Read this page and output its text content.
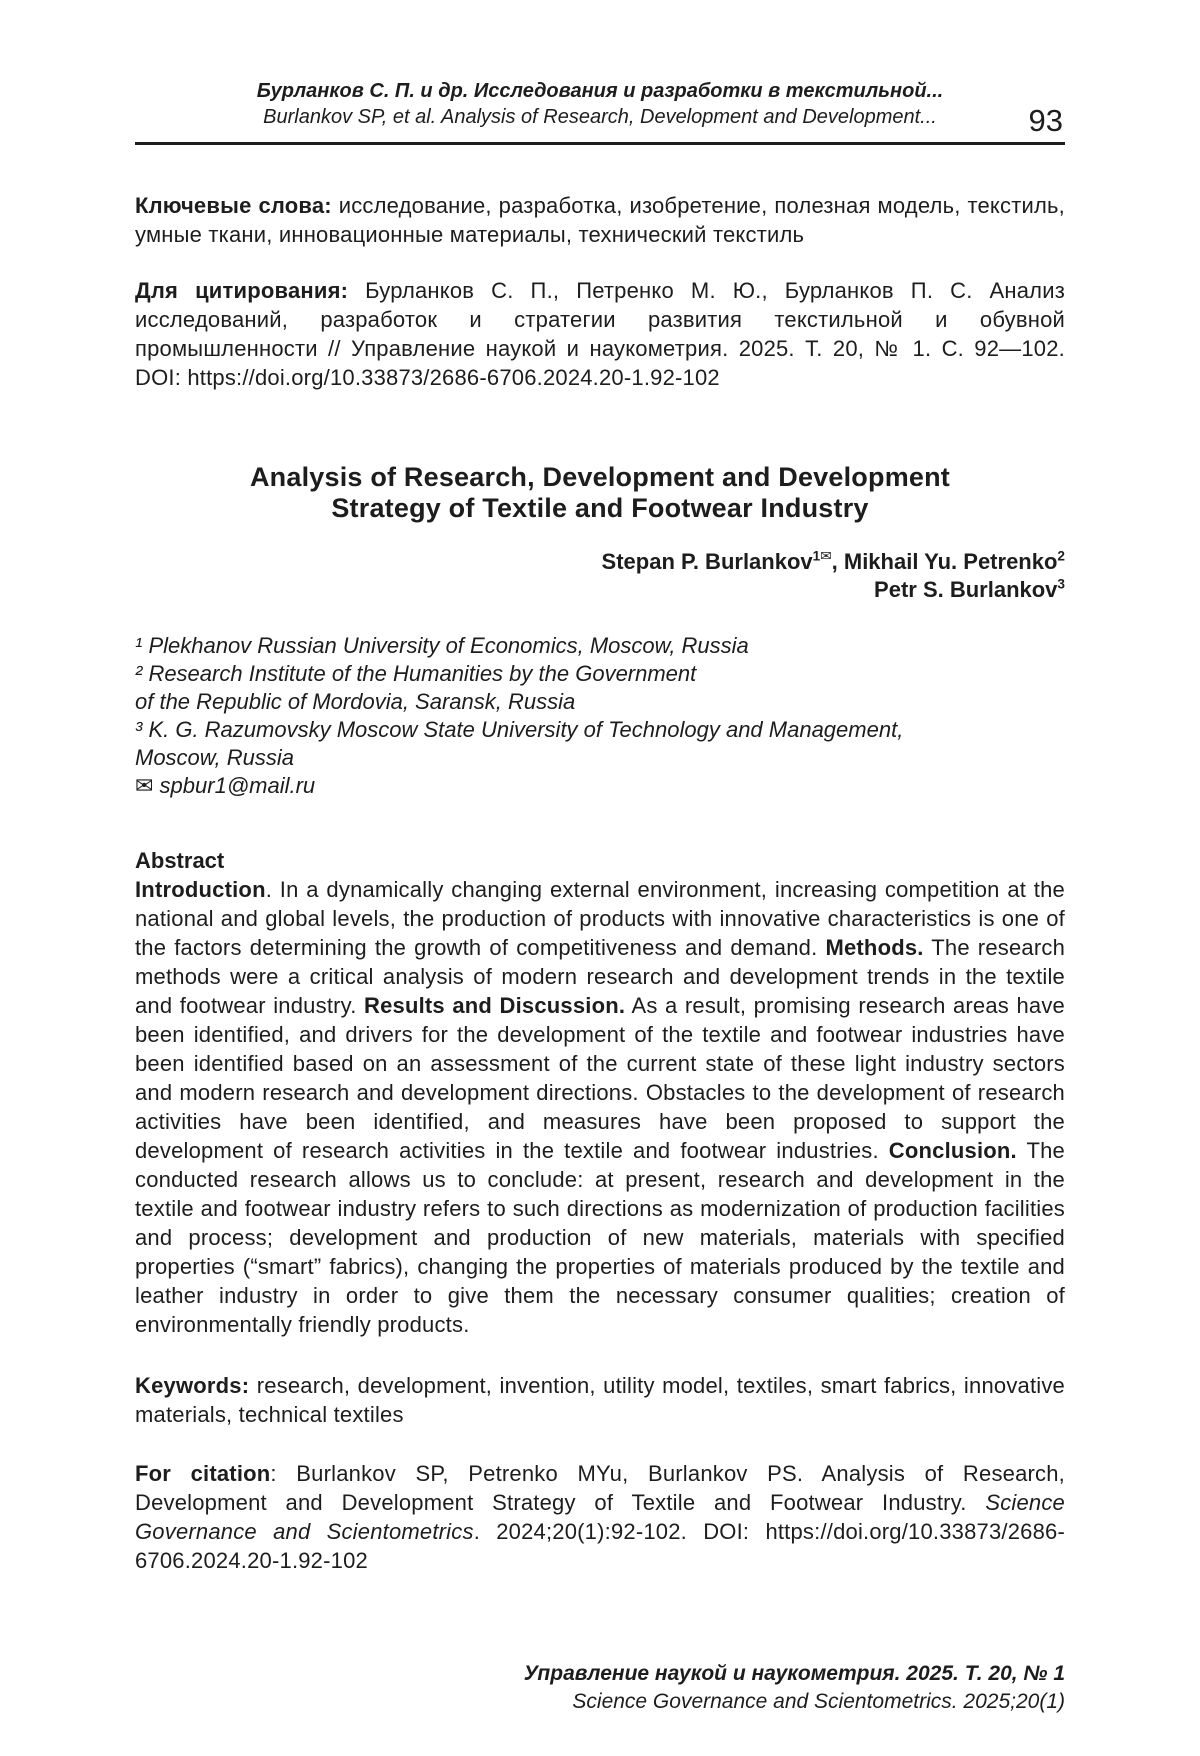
Бурланков С. П. и др. Исследования и разработки в текстильной...
Burlankov SP, et al. Analysis of Research, Development and Development...	93

Ключевые слова: исследование, разработка, изобретение, полезная модель, текстиль, умные ткани, инновационные материалы, технический текстиль

Для цитирования: Бурланков С. П., Петренко М. Ю., Бурланков П. С. Анализ исследований, разработок и стратегии развития текстильной и обувной промышленности // Управление наукой и наукометрия. 2025. Т. 20, № 1. С. 92—102. DOI: https://doi.org/10.33873/2686-6706.2024.20-1.92-102

Analysis of Research, Development and Development
Strategy of Textile and Footwear Industry
Stepan P. Burlankov$^{1✉}$, Mikhail Yu. Petrenko$^2$
Petr S. Burlankov$^3$
¹ Plekhanov Russian University of Economics, Moscow, Russia
² Research Institute of the Humanities by the Government
of the Republic of Mordovia, Saransk, Russia
³ K. G. Razumovsky Moscow State University of Technology and Management,
Moscow, Russia
✉ spbur1@mail.ru
Abstract

Introduction. In a dynamically changing external environment, increasing competition at the national and global levels, the production of products with innovative characteristics is one of the factors determining the growth of competitiveness and demand. Methods. The research methods were a critical analysis of modern research and development trends in the textile and footwear industry. Results and Discussion. As a result, promising research areas have been identified, and drivers for the development of the textile and footwear industries have been identified based on an assessment of the current state of these light industry sectors and modern research and development directions. Obstacles to the development of research activities have been identified, and measures have been proposed to support the development of research activities in the textile and footwear industries. Conclusion. The conducted research allows us to conclude: at present, research and development in the textile and footwear industry refers to such directions as modernization of production facilities and process; development and production of new materials, materials with specified properties (“smart” fabrics), changing the properties of materials produced by the textile and leather industry in order to give them the necessary consumer qualities; creation of environmentally friendly products.

Keywords: research, development, invention, utility model, textiles, smart fabrics, innovative materials, technical textiles

For citation: Burlankov SP, Petrenko MYu, Burlankov PS. Analysis of Research, Development and Development Strategy of Textile and Footwear Industry. Science Governance and Scientometrics. 2024;20(1):92-102. DOI: https://doi.org/10.33873/2686-6706.2024.20-1.92-102

Управление наукой и наукометрия. 2025. Т. 20, № 1
Science Governance and Scientometrics. 2025;20(1)
